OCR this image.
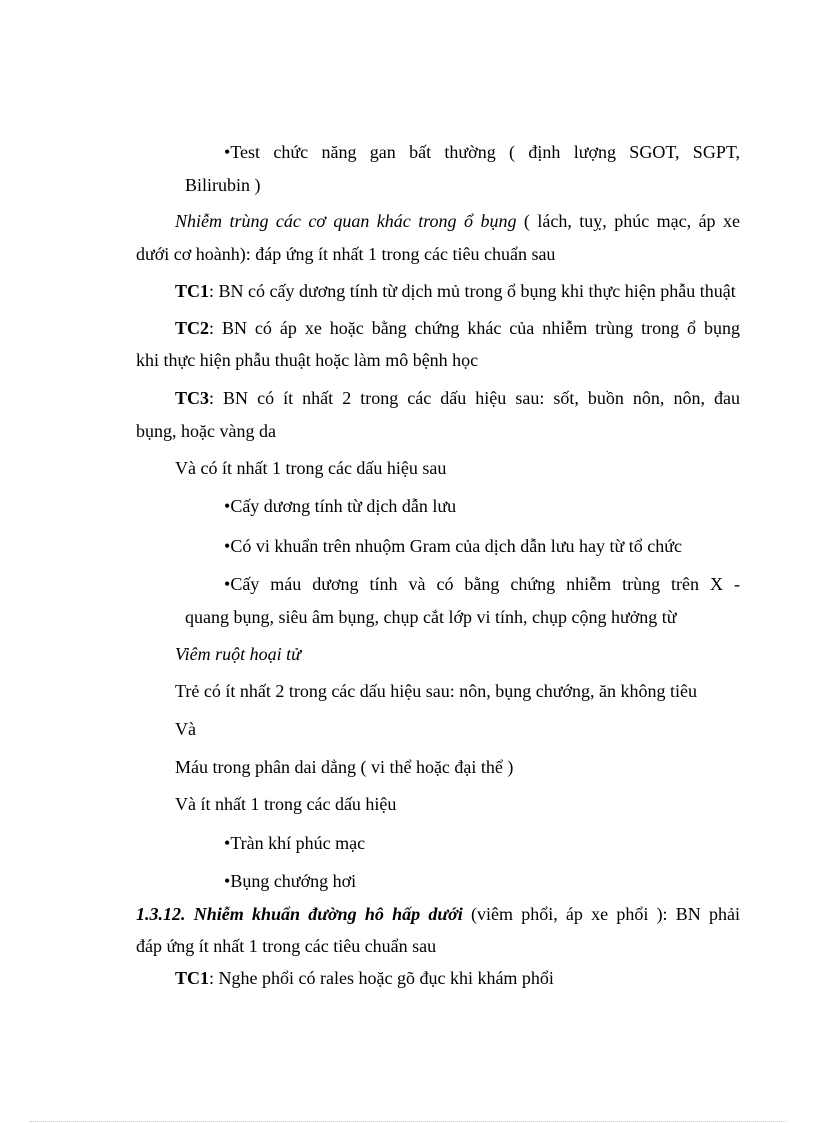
•Test chức năng gan bất thường ( định lượng SGOT, SGPT,
Bilirubin )
Nhiễm trùng các cơ quan khác trong ổ bụng ( lách, tuỵ, phúc mạc, áp xe
dưới cơ hoành): đáp ứng ít nhất 1 trong các tiêu chuẩn sau
TC1: BN có cấy dương tính từ dịch mủ trong ổ bụng khi thực hiện phẫu thuật
TC2: BN có áp xe hoặc bằng chứng khác của nhiễm trùng trong ổ bụng
khi thực hiện phẫu thuật hoặc làm mô bệnh học
TC3: BN có ít nhất 2 trong các dấu hiệu sau: sốt, buồn nôn, nôn, đau
bụng, hoặc vàng da
Và có ít nhất 1 trong các dấu hiệu sau
• Cấy dương tính từ dịch dẫn lưu
• Có vi khuẩn trên nhuộm Gram của dịch dẫn lưu hay từ tổ chức
• Cấy máu dương tính và có bằng chứng nhiễm trùng trên X -
quang bụng, siêu âm bụng, chụp cắt lớp vi tính, chụp cộng hưởng từ
Viêm ruột hoại tử
Trẻ có ít nhất 2 trong các dấu hiệu sau: nôn, bụng chướng, ăn không tiêu
Và
Máu trong phân dai dẳng ( vi thể hoặc đại thể )
Và ít nhất 1 trong các dấu hiệu
• Tràn khí phúc mạc
• Bụng chướng hơi
1.3.12. Nhiễm khuẩn đường hô hấp dưới (viêm phổi, áp xe phổi ): BN phải
đáp ứng ít nhất 1 trong các tiêu chuẩn sau
TC1: Nghe phổi có rales hoặc gõ đục khi khám phổi
